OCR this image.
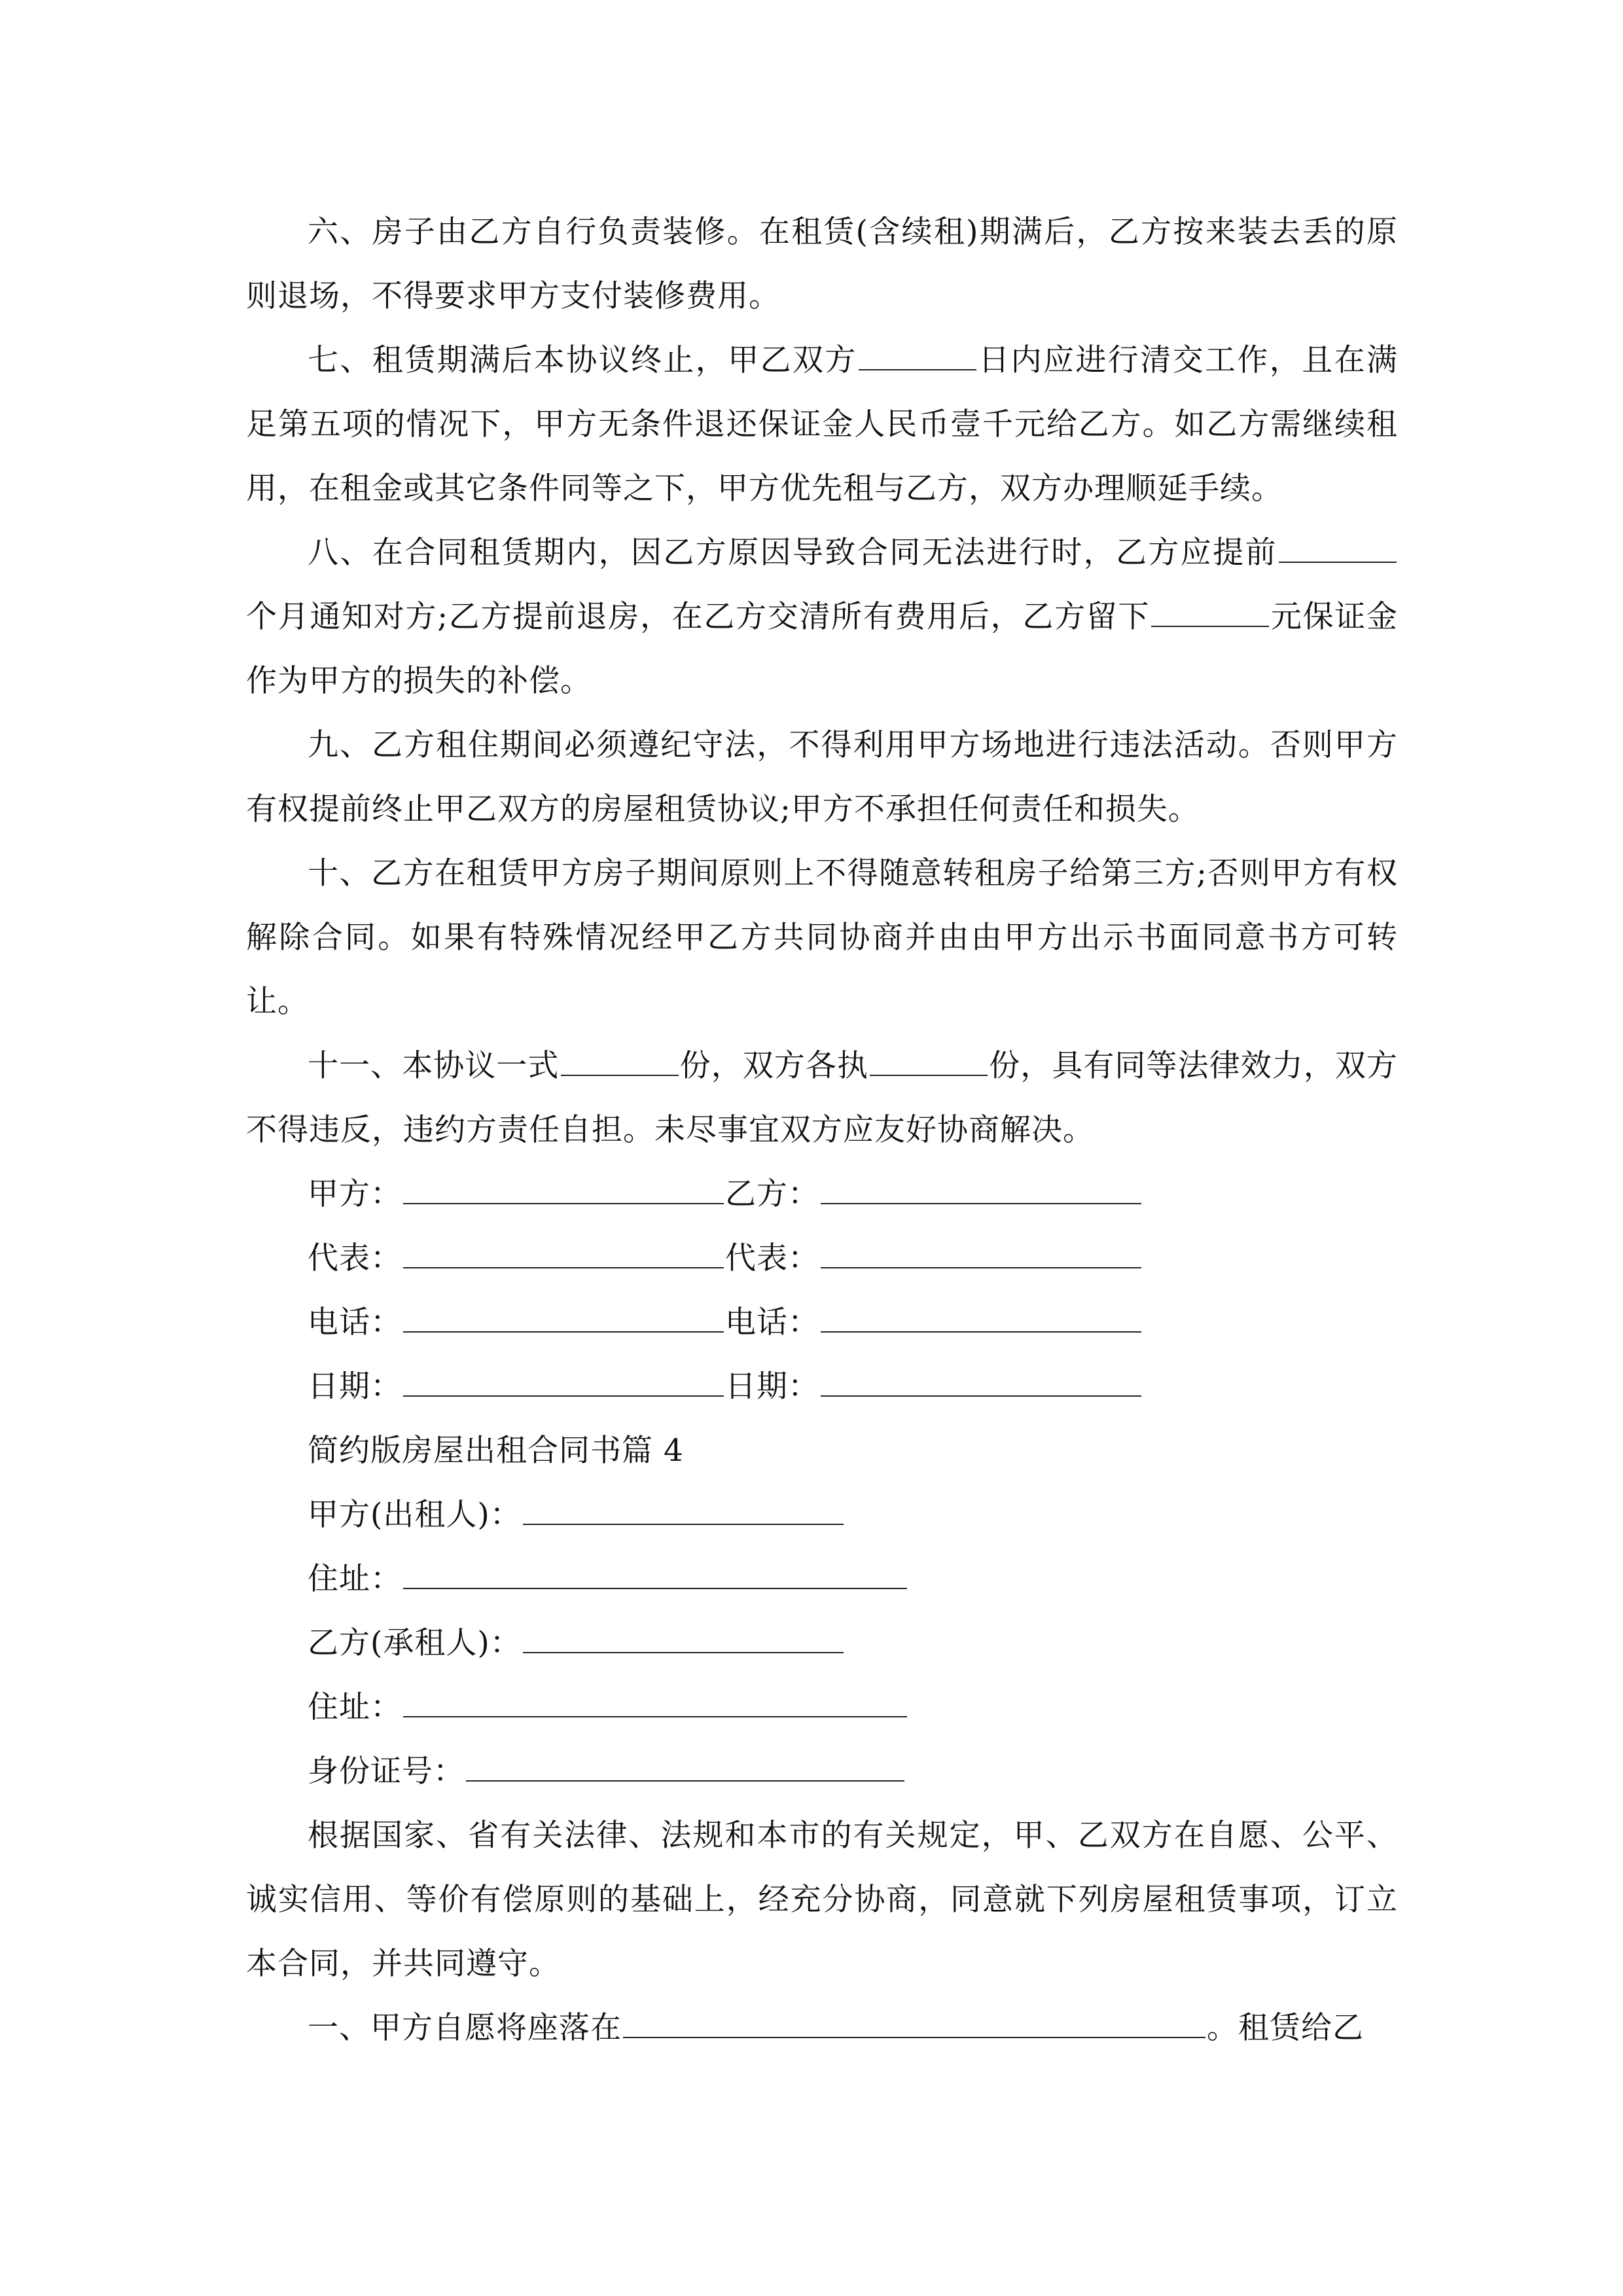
六、房子由乙方自行负责装修。在租赁(含续租)期满后，乙方按来装去丢的原则退场，不得要求甲方支付装修费用。

七、租赁期满后本协议终止，甲乙双方	日内应进行清交工作，且在满足第五项的情况下，甲方无条件退还保证金人民币壹千元给乙方。如乙方需继续租用，在租金或其它条件同等之下，甲方优先租与乙方，双方办理顺延手续。

八、在合同租赁期内，因乙方原因导致合同无法进行时，乙方应提前个月通知对方;乙方提前退房，在乙方交清所有费用后，乙方留下	元保证金作为甲方的损失的补偿。

九、乙方租住期间必须遵纪守法，不得利用甲方场地进行违法活动。否则甲方有权提前终止甲乙双方的房屋租赁协议;甲方不承担任何责任和损失。

十、乙方在租赁甲方房子期间原则上不得随意转租房子给第三方;否则甲方有权解除合同。如果有特殊情况经甲乙方共同协商并由由甲方出示书面同意书方可转让。

十一、本协议一式	份，双方各执	份，具有同等法律效力，双方不得违反，违约方责任自担。未尽事宜双方应友好协商解决。

甲方：	乙方：

代表：	代表：

电话：	电话：

日期：	日期：

简约版房屋出租合同书篇 4

甲方(出租人)：

住址：

乙方(承租人)：

住址：

身份证号：

根据国家、省有关法律、法规和本市的有关规定，甲、乙双方在自愿、公平、诚实信用、等价有偿原则的基础上，经充分协商，同意就下列房屋租赁事项，订立本合同，并共同遵守。

一、甲方自愿将座落在	。租赁给乙
